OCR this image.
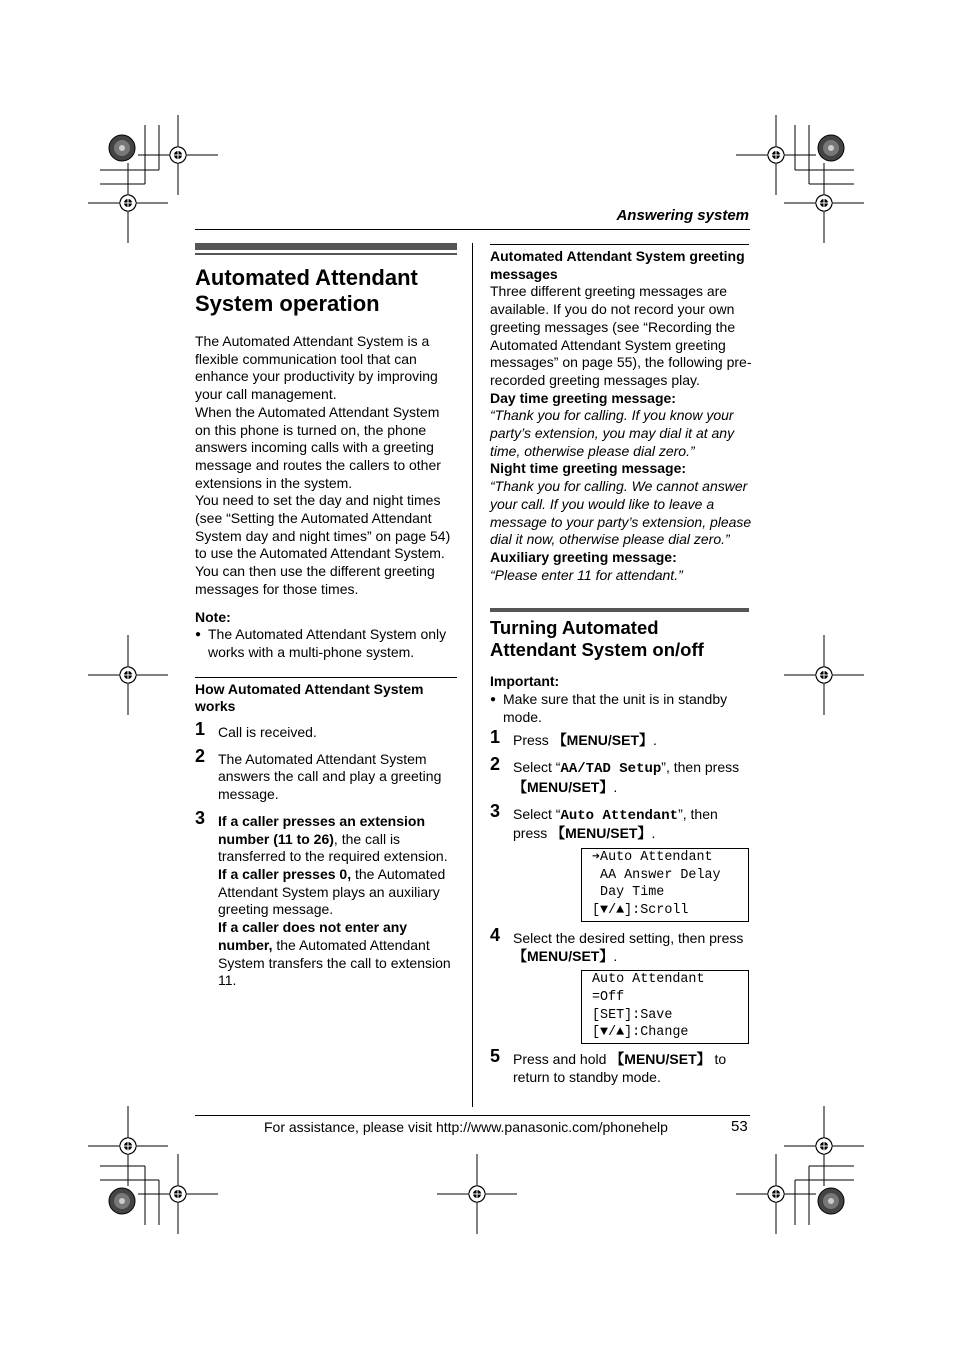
Answering system
Automated Attendant
System operation

The Automated Attendant System is a flexible communication tool that can enhance your productivity by improving your call management.

When the Automated Attendant System on this phone is turned on, the phone answers incoming calls with a greeting message and routes the callers to other extensions in the system.

You need to set the day and night times (see “Setting the Automated Attendant System day and night times” on page 54) to use the Automated Attendant System. You can then use the different greeting messages for those times.

Note:

● The Automated Attendant System only works with a multi-phone system.

How Automated Attendant System works

1 Call is received.

2 The Automated Attendant System answers the call and play a greeting message.

3 If a caller presses an extension number (11 to 26), the call is transferred to the required extension.

If a caller presses 0, the Automated Attendant System plays an auxiliary greeting message.

If a caller does not enter any number, the Automated Attendant System transfers the call to extension 11.

Automated Attendant System greeting messages

Three different greeting messages are available. If you do not record your own greeting messages (see “Recording the Automated Attendant System greeting messages” on page 55), the following pre-recorded greeting messages play.

Day time greeting message:

“Thank you for calling. If you know your party’s extension, you may dial it at any time, otherwise please dial zero.”

Night time greeting message:

“Thank you for calling. We cannot answer your call. If you would like to leave a message to your party’s extension, please dial it now, otherwise please dial zero.”

Auxiliary greeting message:

“Please enter 11 for attendant.”

Turning Automated
Attendant System on/off

Important:

● Make sure that the unit is in standby mode.

1 Press 【MENU/SET】.

2 Select “AA/TAD Setup”, then press 【MENU/SET】.

3 Select “Auto Attendant”, then press 【MENU/SET】.

➔Auto Attendant
AA Answer Delay
Day Time
[▼/▲]:Scroll
4 Select the desired setting, then press 【MENU/SET】.

Auto Attendant
=Off
[SET]:Save
[▼/▲]:Change
5 Press and hold 【MENU/SET】 to return to standby mode.

For assistance, please visit http://www.panasonic.com/phonehelp	53
